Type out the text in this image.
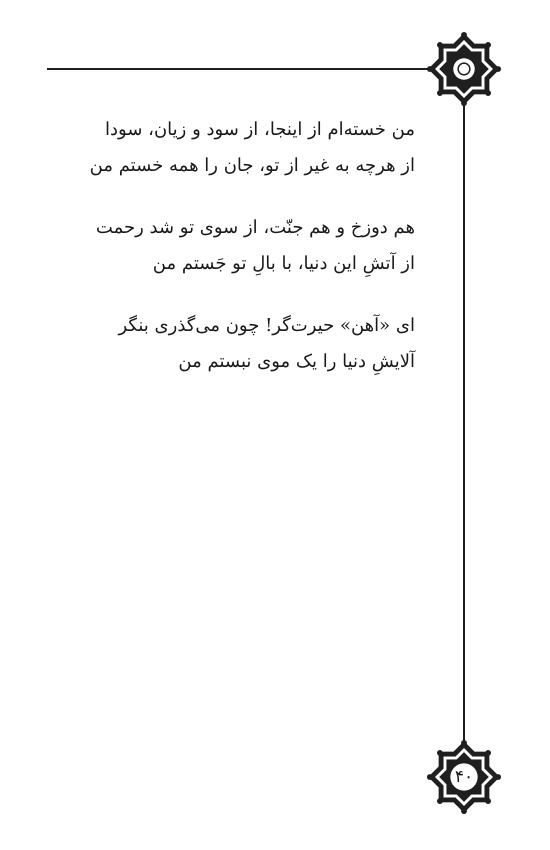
۴۰

من خسته‌ام از اینجا، از سود و زیان، سودا

از هرچه به غیر از تو، جان را همه خستم من

هم دوزخ و هم جنّت، از سوی تو شد رحمت

از آتشِ این دنیا، با بالِ تو جَستم من

ای «آهن» حیرت‌گر! چون می‌گذری بنگر

آلایشِ دنیا را یک موی نبستم من
